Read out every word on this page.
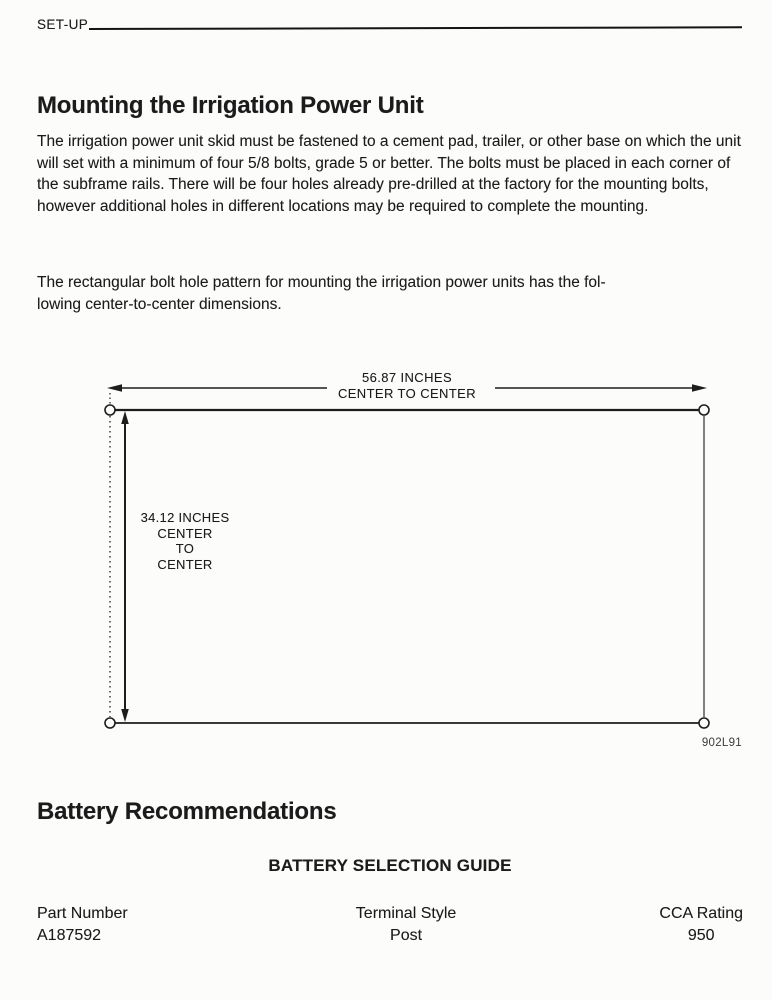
SET-UP
Mounting the Irrigation Power Unit
The irrigation power unit skid must be fastened to a cement pad, trailer, or other base on which the unit will set with a minimum of four 5/8 bolts, grade 5 or better. The bolts must be placed in each corner of the subframe rails. There will be four holes already pre-drilled at the factory for the mounting bolts, however additional holes in different locations may be required to complete the mounting.
The rectangular bolt hole pattern for mounting the irrigation power units has the fol-
lowing center-to-center dimensions.
56.87 INCHES
CENTER TO CENTER
34.12 INCHES
CENTER
TO
CENTER
902L91
Battery Recommendations
BATTERY SELECTION GUIDE
Part Number
A187592
Terminal Style
Post
CCA Rating
950
